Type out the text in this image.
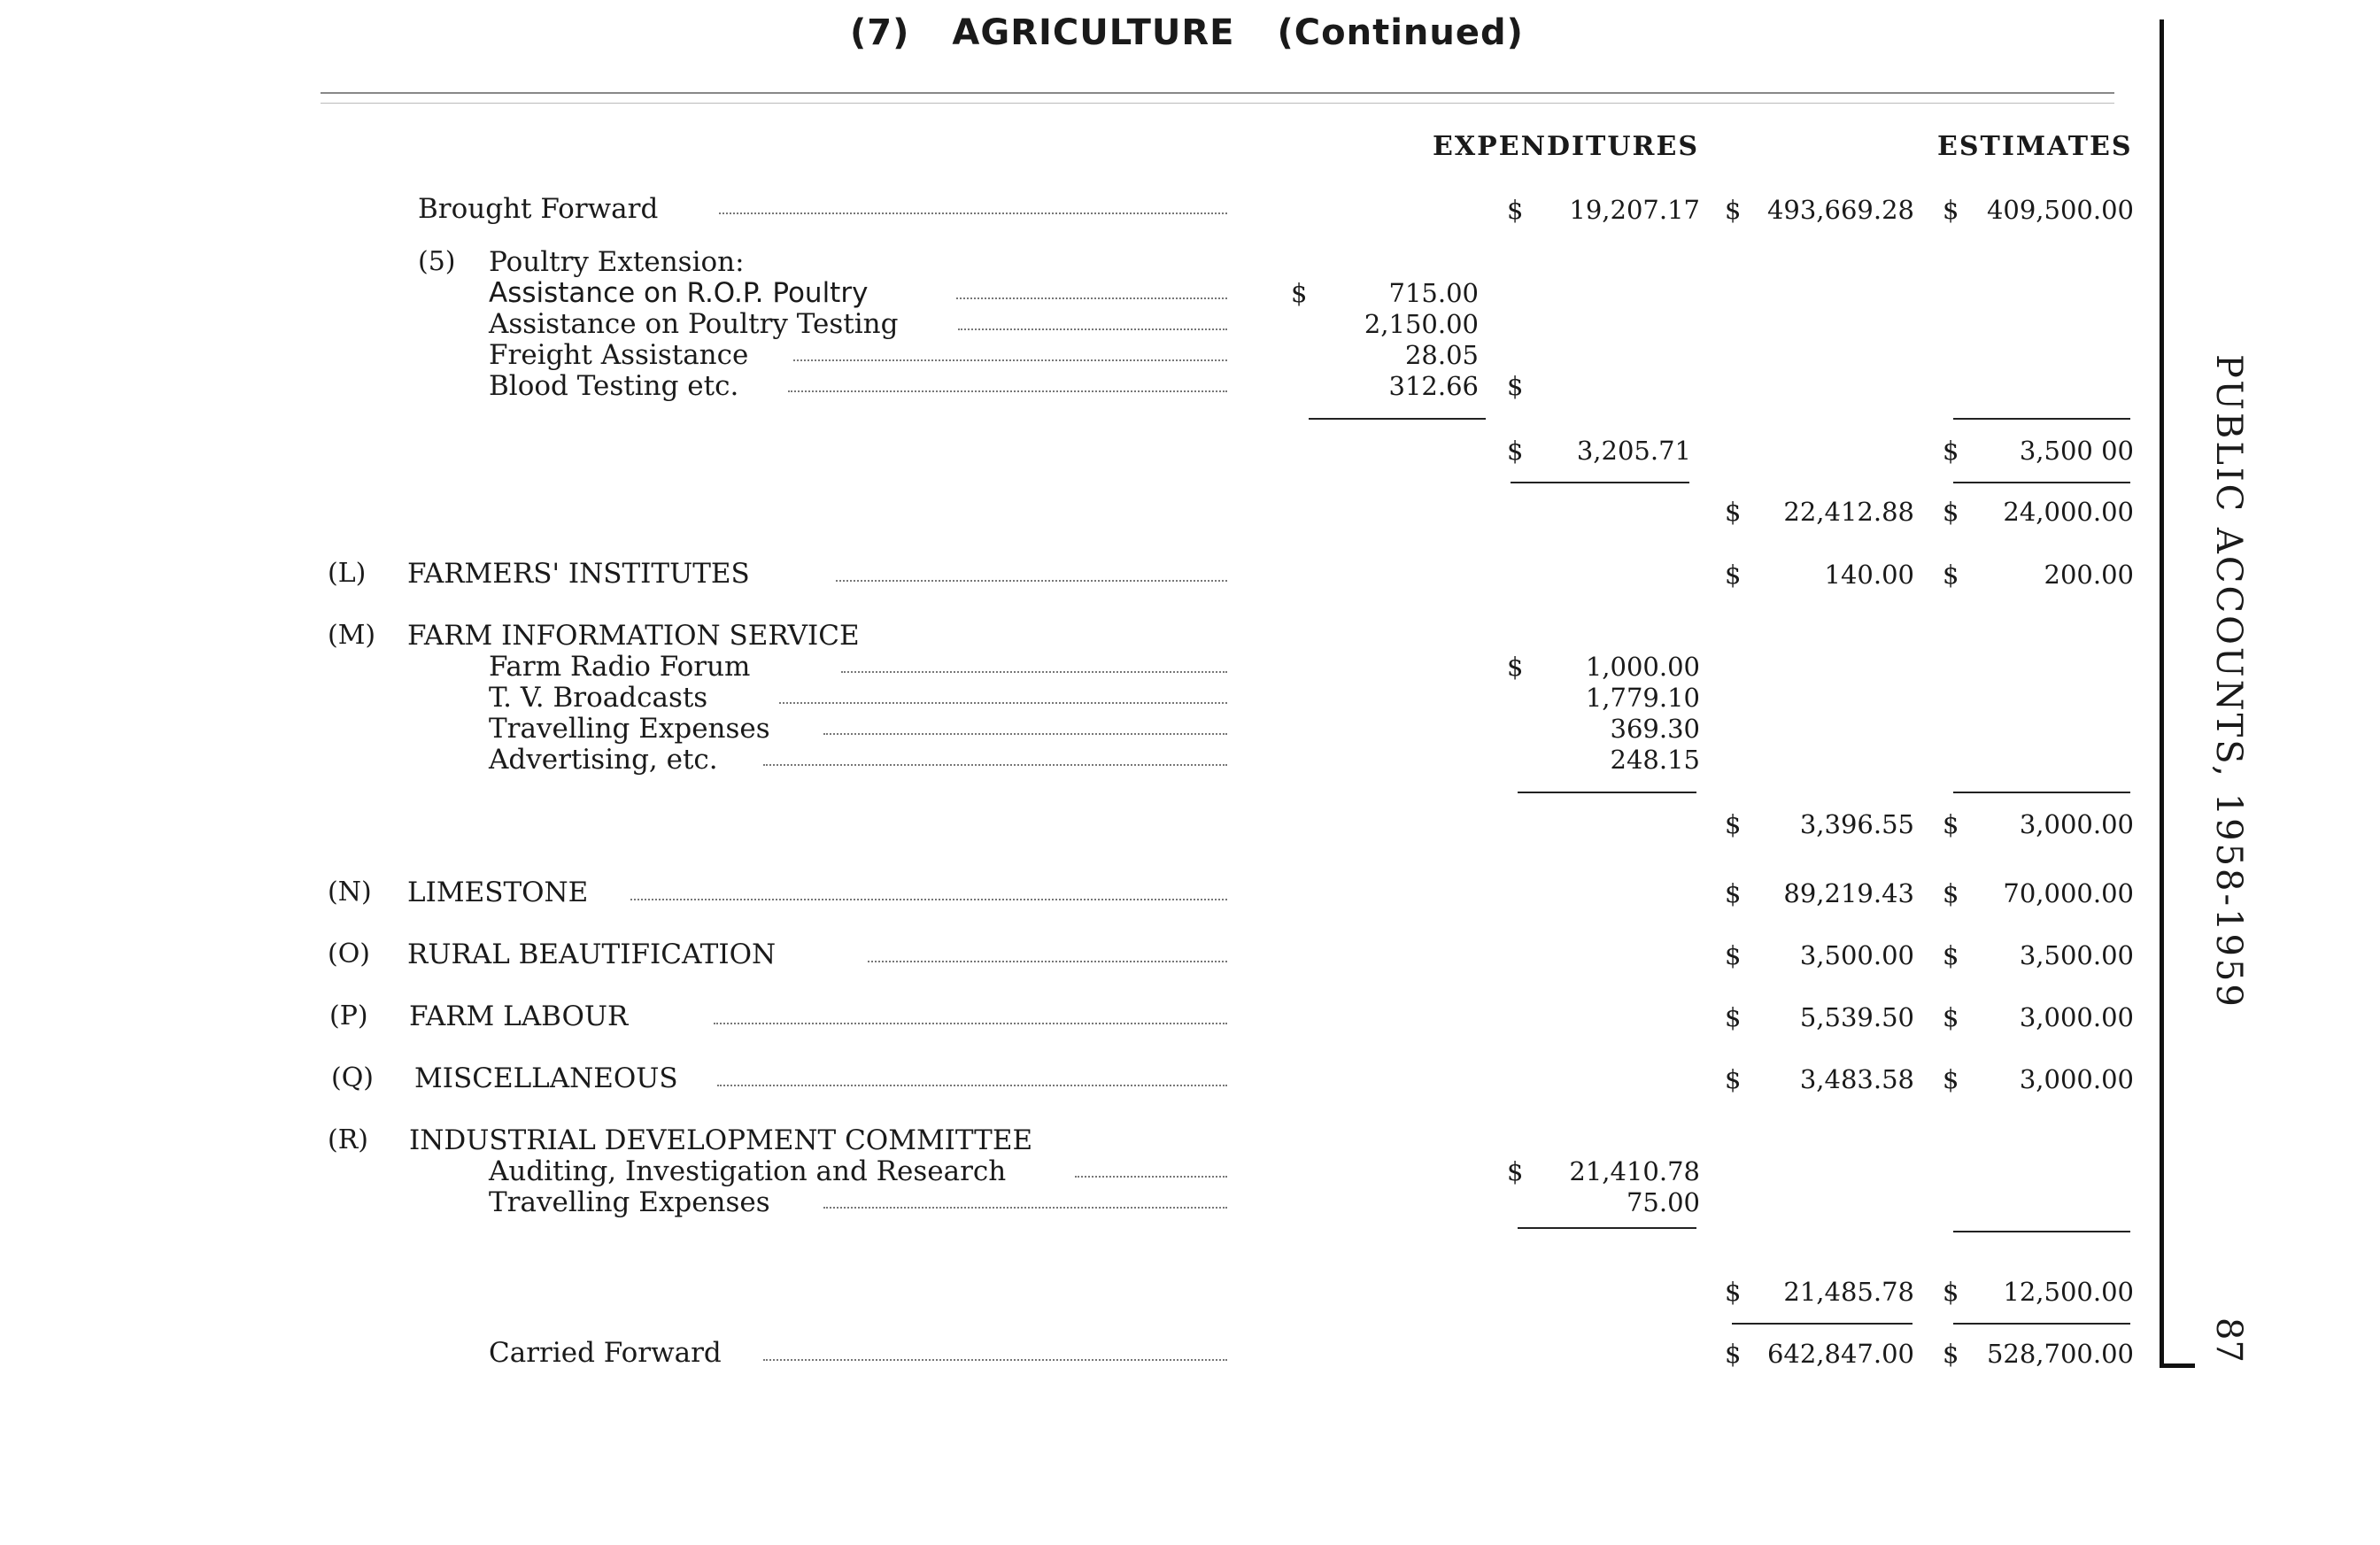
(7) AGRICULTURE (Continued)
PUBLIC ACCOUNTS, 1958-1959
87
EXPENDITURES	ESTIMATES
Brought Forward	$	19,207.17 $ 493,669.28 $	409,500.00
(5) Poultry Extension:
Assistance on R.O.P. Poultry	$	715.00
Assistance on Poultry Testing	2,150.00
Freight Assistance	28.05
Blood Testing etc.	312.66 $
$	3,205.71	$	3,500 00
$	22,412.88 $	24,000.00
(L) FARMERS' INSTITUTES	$	140.00 $	200.00
(M) FARM INFORMATION SERVICE
Farm Radio Forum	$	1,000.00
T. V. Broadcasts	1,779.10
Travelling Expenses	369.30
Advertising, etc.	248.15
$	3,396.55 $	3,000.00
(N) LIMESTONE	$	89,219.43 $	70,000.00
(O) RURAL BEAUTIFICATION	$	3,500.00 $	3,500.00
(P) FARM LABOUR	$	5,539.50 $	3,000.00
(Q) MISCELLANEOUS	$	3,483.58 $	3,000.00
(R) INDUSTRIAL DEVELOPMENT COMMITTEE
Auditing, Investigation and Research	$	21,410.78
Travelling Expenses	75.00
$	21,485.78 $	12,500.00
Carried Forward	$ 642,847.00 $	528,700.00
